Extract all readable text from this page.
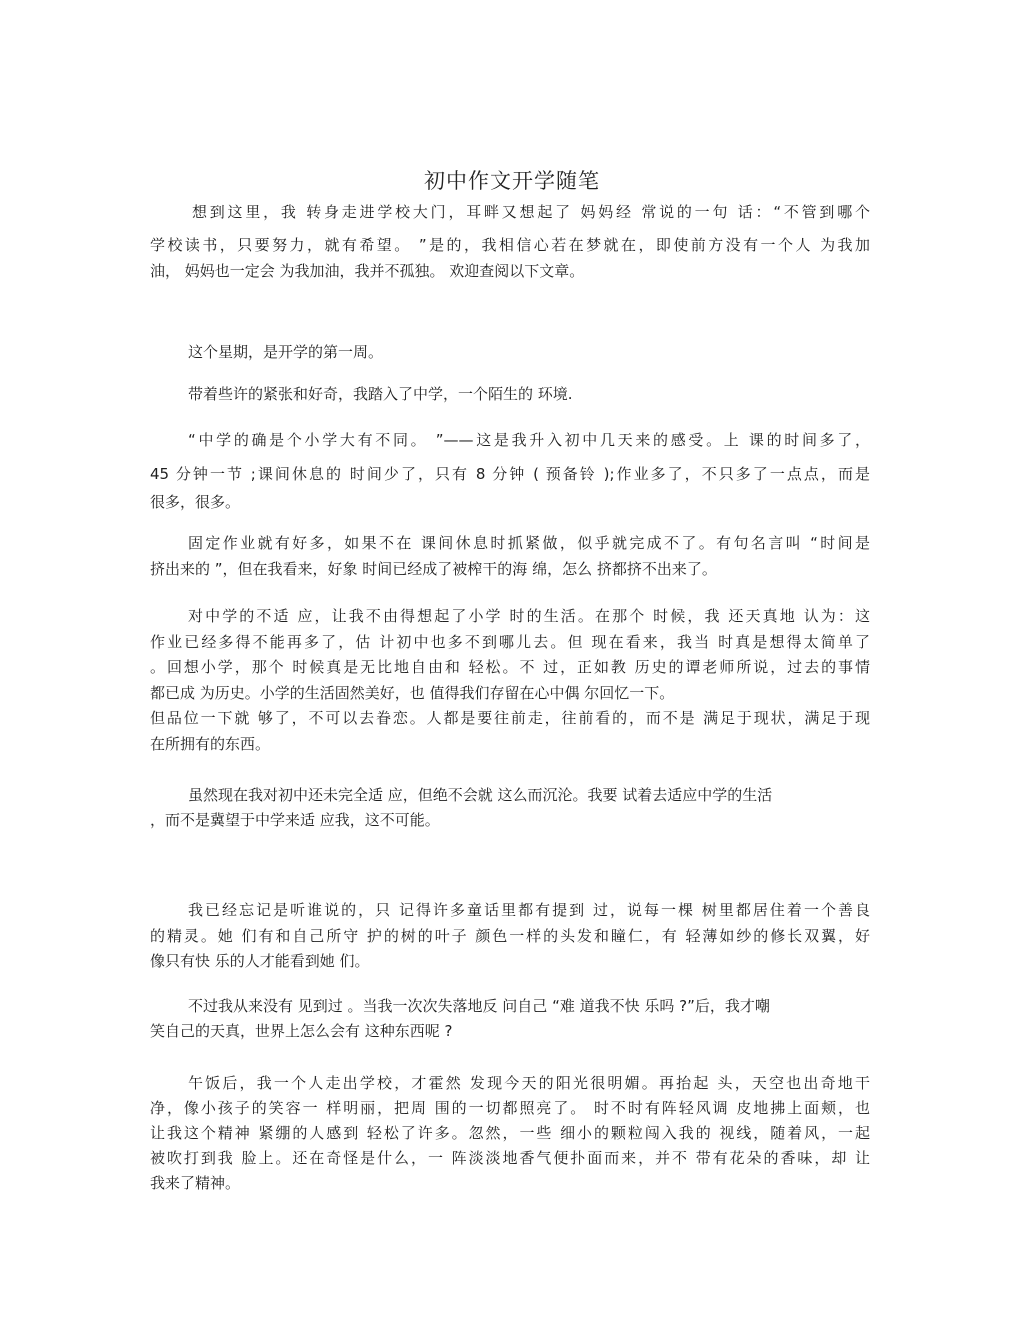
初中作文开学随笔
想到这里，我 转身走进学校大门，耳畔又想起了 妈妈经 常说的一句 话：“不管到哪个
学校读书，只要努力，就有希望。 ”是的，我相信心若在梦就在，即使前方没有一个人 为我加
油， 妈妈也一定会 为我加油，我并不孤独。 欢迎查阅以下文章。
这个星期，是开学的第一周。
带着些许的紧张和好奇，我踏入了中学，一个陌生的 环境.
“中学的确是个小学大有不同。 ”——这是我升入初中几天来的感受。上 课的时间多了，
45 分钟一节 ;课间休息的 时间少了，只有 8 分钟 ( 预备铃 );作业多了，不只多了一点点，而是
很多，很多。
固定作业就有好多，如果不在 课间休息时抓紧做，似乎就完成不了。有句名言叫 “时间是
挤出来的 ”，但在我看来，好象 时间已经成了被榨干的海 绵，怎么 挤都挤不出来了。
对中学的不适 应，让我不由得想起了小学 时的生活。在那个 时候，我 还天真地 认为：这
作业已经多得不能再多了，估 计初中也多不到哪儿去。但 现在看来，我当 时真是想得太简单了
。回想小学，那个 时候真是无比地自由和 轻松。不 过，正如教 历史的谭老师所说，过去的事情
都已成 为历史。小学的生活固然美好，也 值得我们存留在心中偶 尔回忆一下。
但品位一下就 够了，不可以去眷恋。人都是要往前走，往前看的，而不是 满足于现状，满足于现
在所拥有的东西。
虽然现在我对初中还未完全适 应，但绝不会就 这么而沉沦。我要 试着去适应中学的生活
，而不是冀望于中学来适 应我，这不可能。
我已经忘记是听谁说的，只 记得许多童话里都有提到 过，说每一棵 树里都居住着一个善良
的精灵。她 们有和自己所守 护的树的叶子 颜色一样的头发和瞳仁，有 轻薄如纱的修长双翼，好
像只有快 乐的人才能看到她 们。
不过我从来没有 见到过 。当我一次次失落地反 问自己 “难 道我不快 乐吗 ?”后，我才嘲
笑自己的天真，世界上怎么会有 这种东西呢 ?
午饭后，我一个人走出学校，才霍然 发现今天的阳光很明媚。再抬起 头，天空也出奇地干
净，像小孩子的笑容一 样明丽，把周 围的一切都照亮了。 时不时有阵轻风调 皮地拂上面颊，也
让我这个精神 紧绷的人感到 轻松了许多。忽然，一些 细小的颗粒闯入我的 视线，随着风，一起
被吹打到我 脸上。还在奇怪是什么，一 阵淡淡地香气便扑面而来，并不 带有花朵的香味，却 让
我来了精神。
